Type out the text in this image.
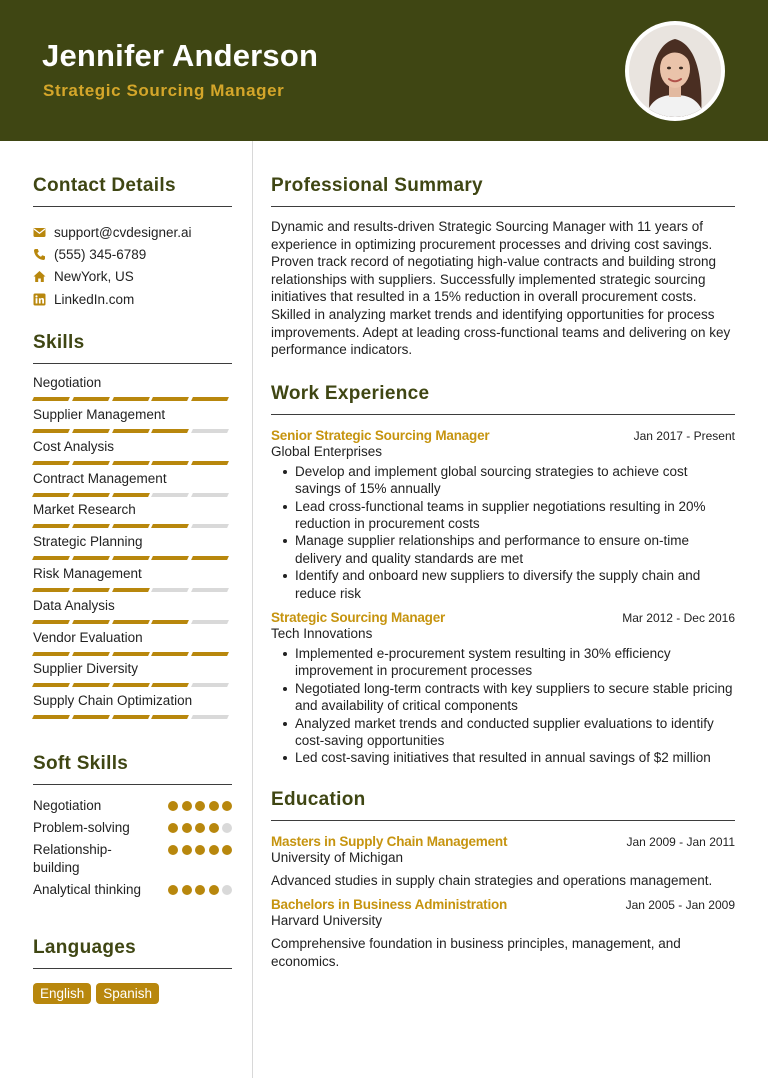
Jennifer Anderson
Strategic Sourcing Manager
Contact Details
support@cvdesigner.ai
(555) 345-6789
NewYork, US
LinkedIn.com
Skills
Negotiation
Supplier Management
Cost Analysis
Contract Management
Market Research
Strategic Planning
Risk Management
Data Analysis
Vendor Evaluation
Supplier Diversity
Supply Chain Optimization
Soft Skills
Negotiation
Problem-solving
Relationship-building
Analytical thinking
Languages
English	Spanish
Professional Summary
Dynamic and results-driven Strategic Sourcing Manager with 11 years of experience in optimizing procurement processes and driving cost savings. Proven track record of negotiating high-value contracts and building strong relationships with suppliers. Successfully implemented strategic sourcing initiatives that resulted in a 15% reduction in overall procurement costs. Skilled in analyzing market trends and identifying opportunities for process improvements. Adept at leading cross-functional teams and delivering on key performance indicators.
Work Experience
Senior Strategic Sourcing Manager	Jan 2017 - Present
Global Enterprises
Develop and implement global sourcing strategies to achieve cost savings of 15% annually
Lead cross-functional teams in supplier negotiations resulting in 20% reduction in procurement costs
Manage supplier relationships and performance to ensure on-time delivery and quality standards are met
Identify and onboard new suppliers to diversify the supply chain and reduce risk
Strategic Sourcing Manager	Mar 2012 - Dec 2016
Tech Innovations
Implemented e-procurement system resulting in 30% efficiency improvement in procurement processes
Negotiated long-term contracts with key suppliers to secure stable pricing and availability of critical components
Analyzed market trends and conducted supplier evaluations to identify cost-saving opportunities
Led cost-saving initiatives that resulted in annual savings of $2 million
Education
Masters in Supply Chain Management	Jan 2009 - Jan 2011
University of Michigan
Advanced studies in supply chain strategies and operations management.
Bachelors in Business Administration	Jan 2005 - Jan 2009
Harvard University
Comprehensive foundation in business principles, management, and economics.
